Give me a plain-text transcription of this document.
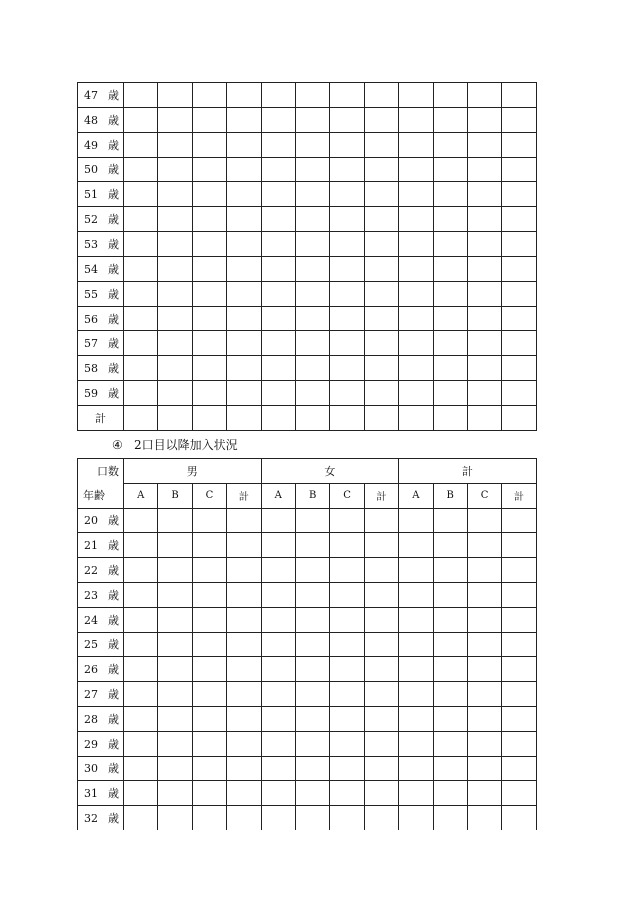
47 歳												
48 歳												
49 歳												
50 歳												
51 歳												
52 歳												
53 歳												
54 歳												
55 歳												
56 歳												
57 歳												
58 歳												
59 歳												
計												
④ 2口目以降加入状況
口数	男				女				計			
年齢	A	B	C	計	A	B	C	計	A	B	C	計
20 歳												
21 歳												
22 歳												
23 歳												
24 歳												
25 歳												
26 歳												
27 歳												
28 歳												
29 歳												
30 歳												
31 歳												
32 歳												
